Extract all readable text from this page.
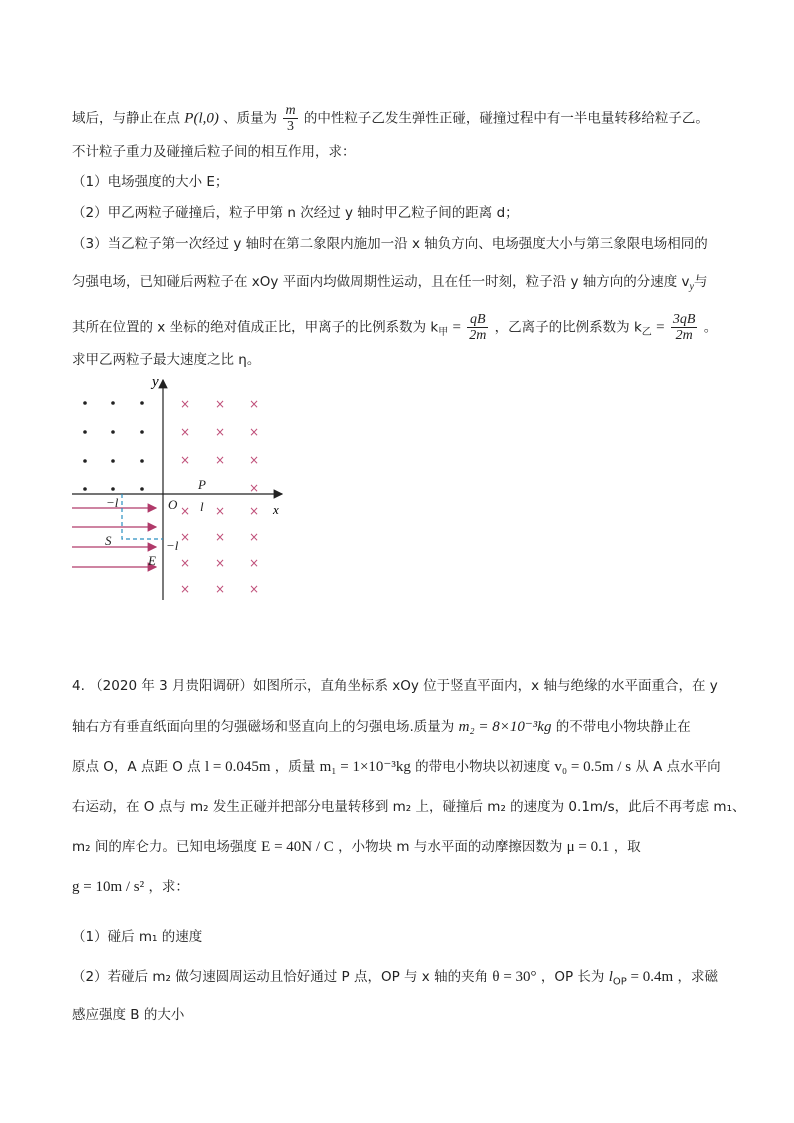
域后，与静止在点 P(l,0) 、质量为 $\frac{m}{3}$ 的中性粒子乙发生弹性正碰，碰撞过程中有一半电量转移给粒子乙。
不计粒子重力及碰撞后粒子间的相互作用，求：
（1）电场强度的大小 E；
（2）甲乙两粒子碰撞后，粒子甲第 n 次经过 y 轴时甲乙粒子间的距离 d；
（3）当乙粒子第一次经过 y 轴时在第二象限内施加一沿 x 轴负方向、电场强度大小与第三象限电场相同的
匀强电场，已知碰后两粒子在 xOy 平面内均做周期性运动，且在任一时刻，粒子沿 y 轴方向的分速度 $v_y$与
其所在位置的 x 坐标的绝对值成正比，甲离子的比例系数为 $k_甲 = \frac{qB}{2m}$ ，乙离子的比例系数为 $k_乙 = \frac{3qB}{2m}$ 。
求甲乙两粒子最大速度之比 η。
y
x
× × ×
× × ×
× × ×
×
× × ×
× × ×
× × ×
× × ×
−l	O
P
l
−l
S
E
4. （2020 年 3 月贵阳调研）如图所示，直角坐标系 xOy 位于竖直平面内，x 轴与绝缘的水平面重合，在 y
轴右方有垂直纸面向里的匀强磁场和竖直向上的匀强电场.质量为 m₂ = 8×10⁻³kg 的不带电小物块静止在
原点 O，A 点距 O 点 l = 0.045m ，质量 m₁ = 1×10⁻³kg 的带电小物块以初速度 v₀ = 0.5m / s 从 A 点水平向
右运动，在 O 点与 m₂ 发生正碰并把部分电量转移到 m₂ 上，碰撞后 m₂ 的速度为 0.1m/s，此后不再考虑 m₁、
m₂ 间的库仑力。已知电场强度 E = 40N / C ，小物块 m 与水平面的动摩擦因数为 μ = 0.1 ，取
g = 10m / s² ，求：
（1）碰后 m₁ 的速度
（2）若碰后 m₂ 做匀速圆周运动且恰好通过 P 点，OP 与 x 轴的夹角 θ = 30° ，OP 长为 $l_{OP} = 0.4m$ ，求磁
感应强度 B 的大小
